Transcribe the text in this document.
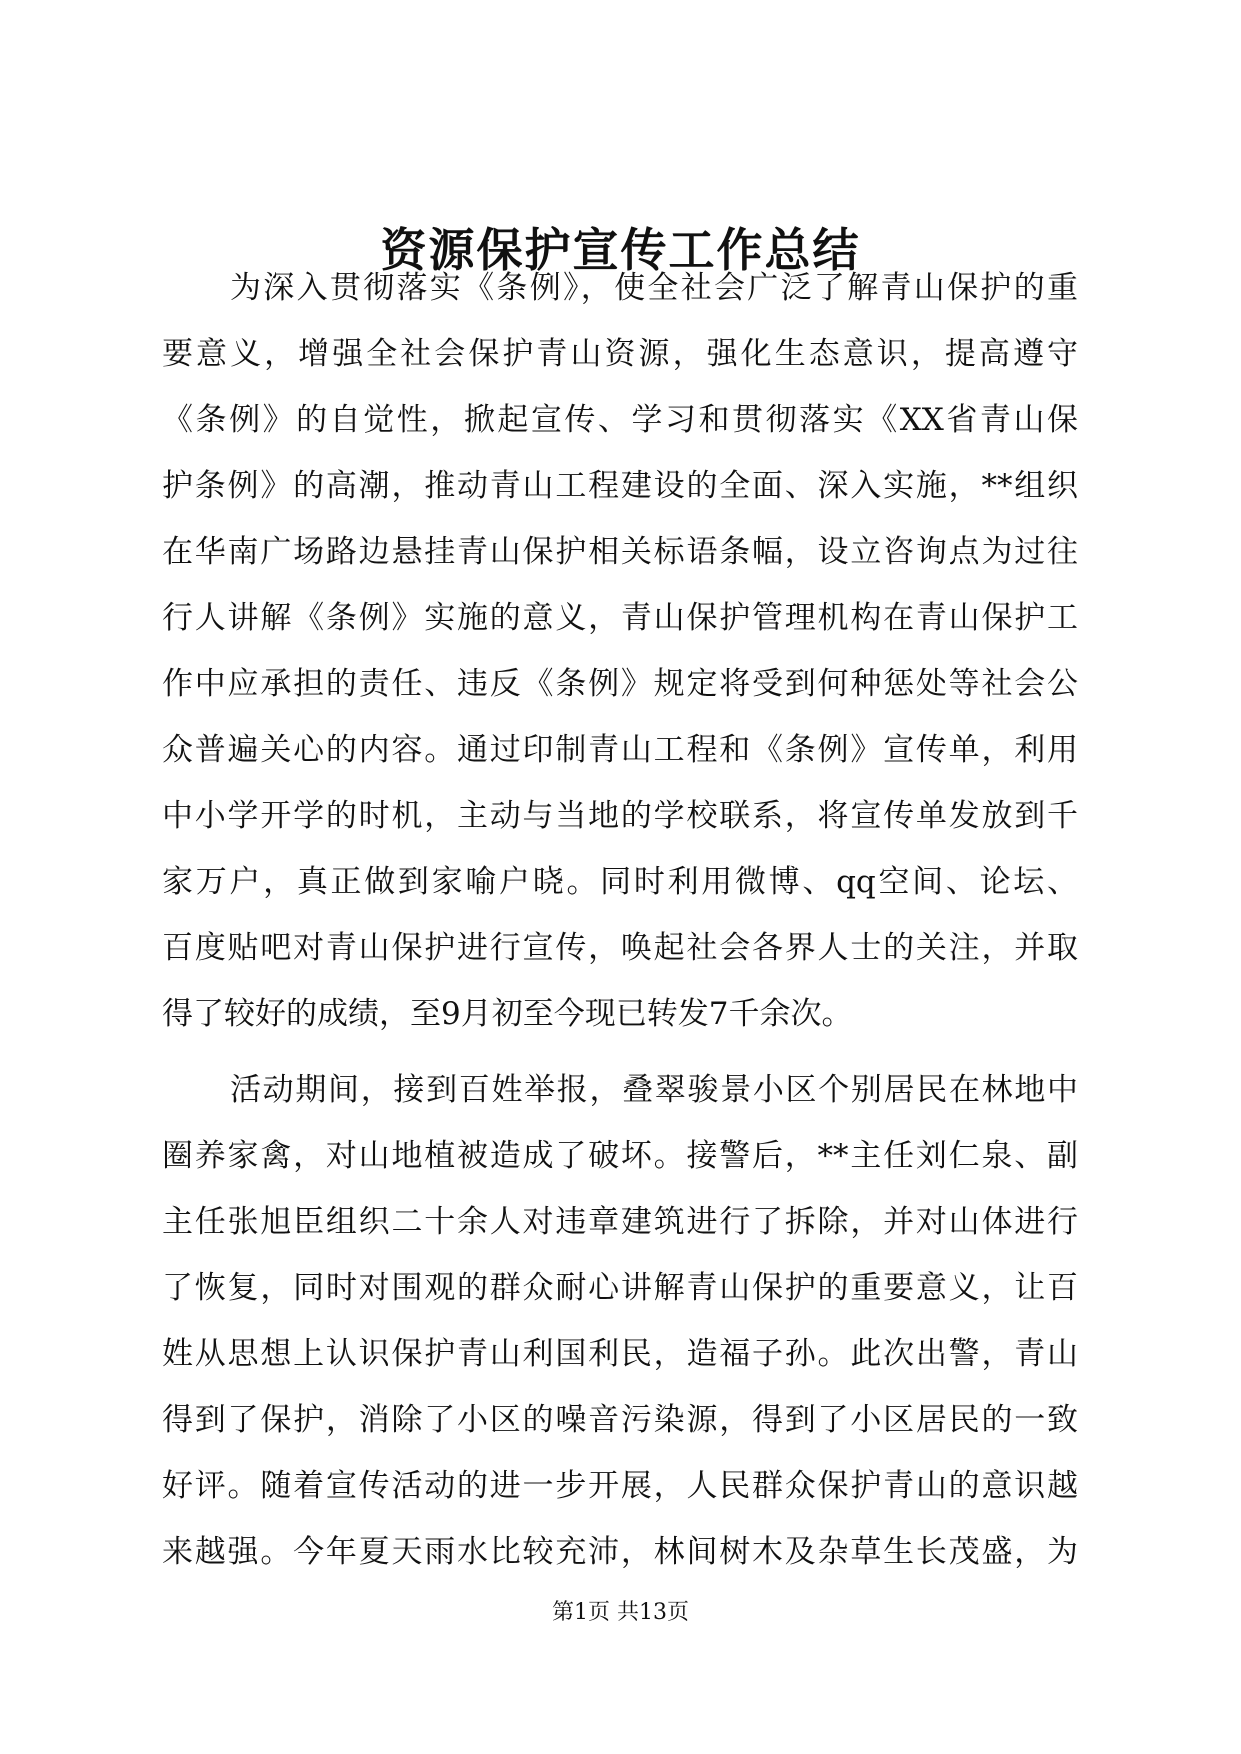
资源保护宣传工作总结
为深入贯彻落实《条例》，使全社会广泛了解青山保护的重
要意义，增强全社会保护青山资源，强化生态意识，提高遵守
《条例》的自觉性，掀起宣传、学习和贯彻落实《XX省青山保
护条例》的高潮，推动青山工程建设的全面、深入实施，**组织
在华南广场路边悬挂青山保护相关标语条幅，设立咨询点为过往
行人讲解《条例》实施的意义，青山保护管理机构在青山保护工
作中应承担的责任、违反《条例》规定将受到何种惩处等社会公
众普遍关心的内容。通过印制青山工程和《条例》宣传单，利用
中小学开学的时机，主动与当地的学校联系，将宣传单发放到千
家万户，真正做到家喻户晓。同时利用微博、qq空间、论坛、
百度贴吧对青山保护进行宣传，唤起社会各界人士的关注，并取
得了较好的成绩，至9月初至今现已转发7千余次。
活动期间，接到百姓举报，叠翠骏景小区个别居民在林地中
圈养家禽，对山地植被造成了破坏。接警后，**主任刘仁泉、副
主任张旭臣组织二十余人对违章建筑进行了拆除，并对山体进行
了恢复，同时对围观的群众耐心讲解青山保护的重要意义，让百
姓从思想上认识保护青山利国利民，造福子孙。此次出警，青山
得到了保护，消除了小区的噪音污染源，得到了小区居民的一致
好评。随着宣传活动的进一步开展，人民群众保护青山的意识越
来越强。今年夏天雨水比较充沛，林间树木及杂草生长茂盛，为
第1页 共13页
